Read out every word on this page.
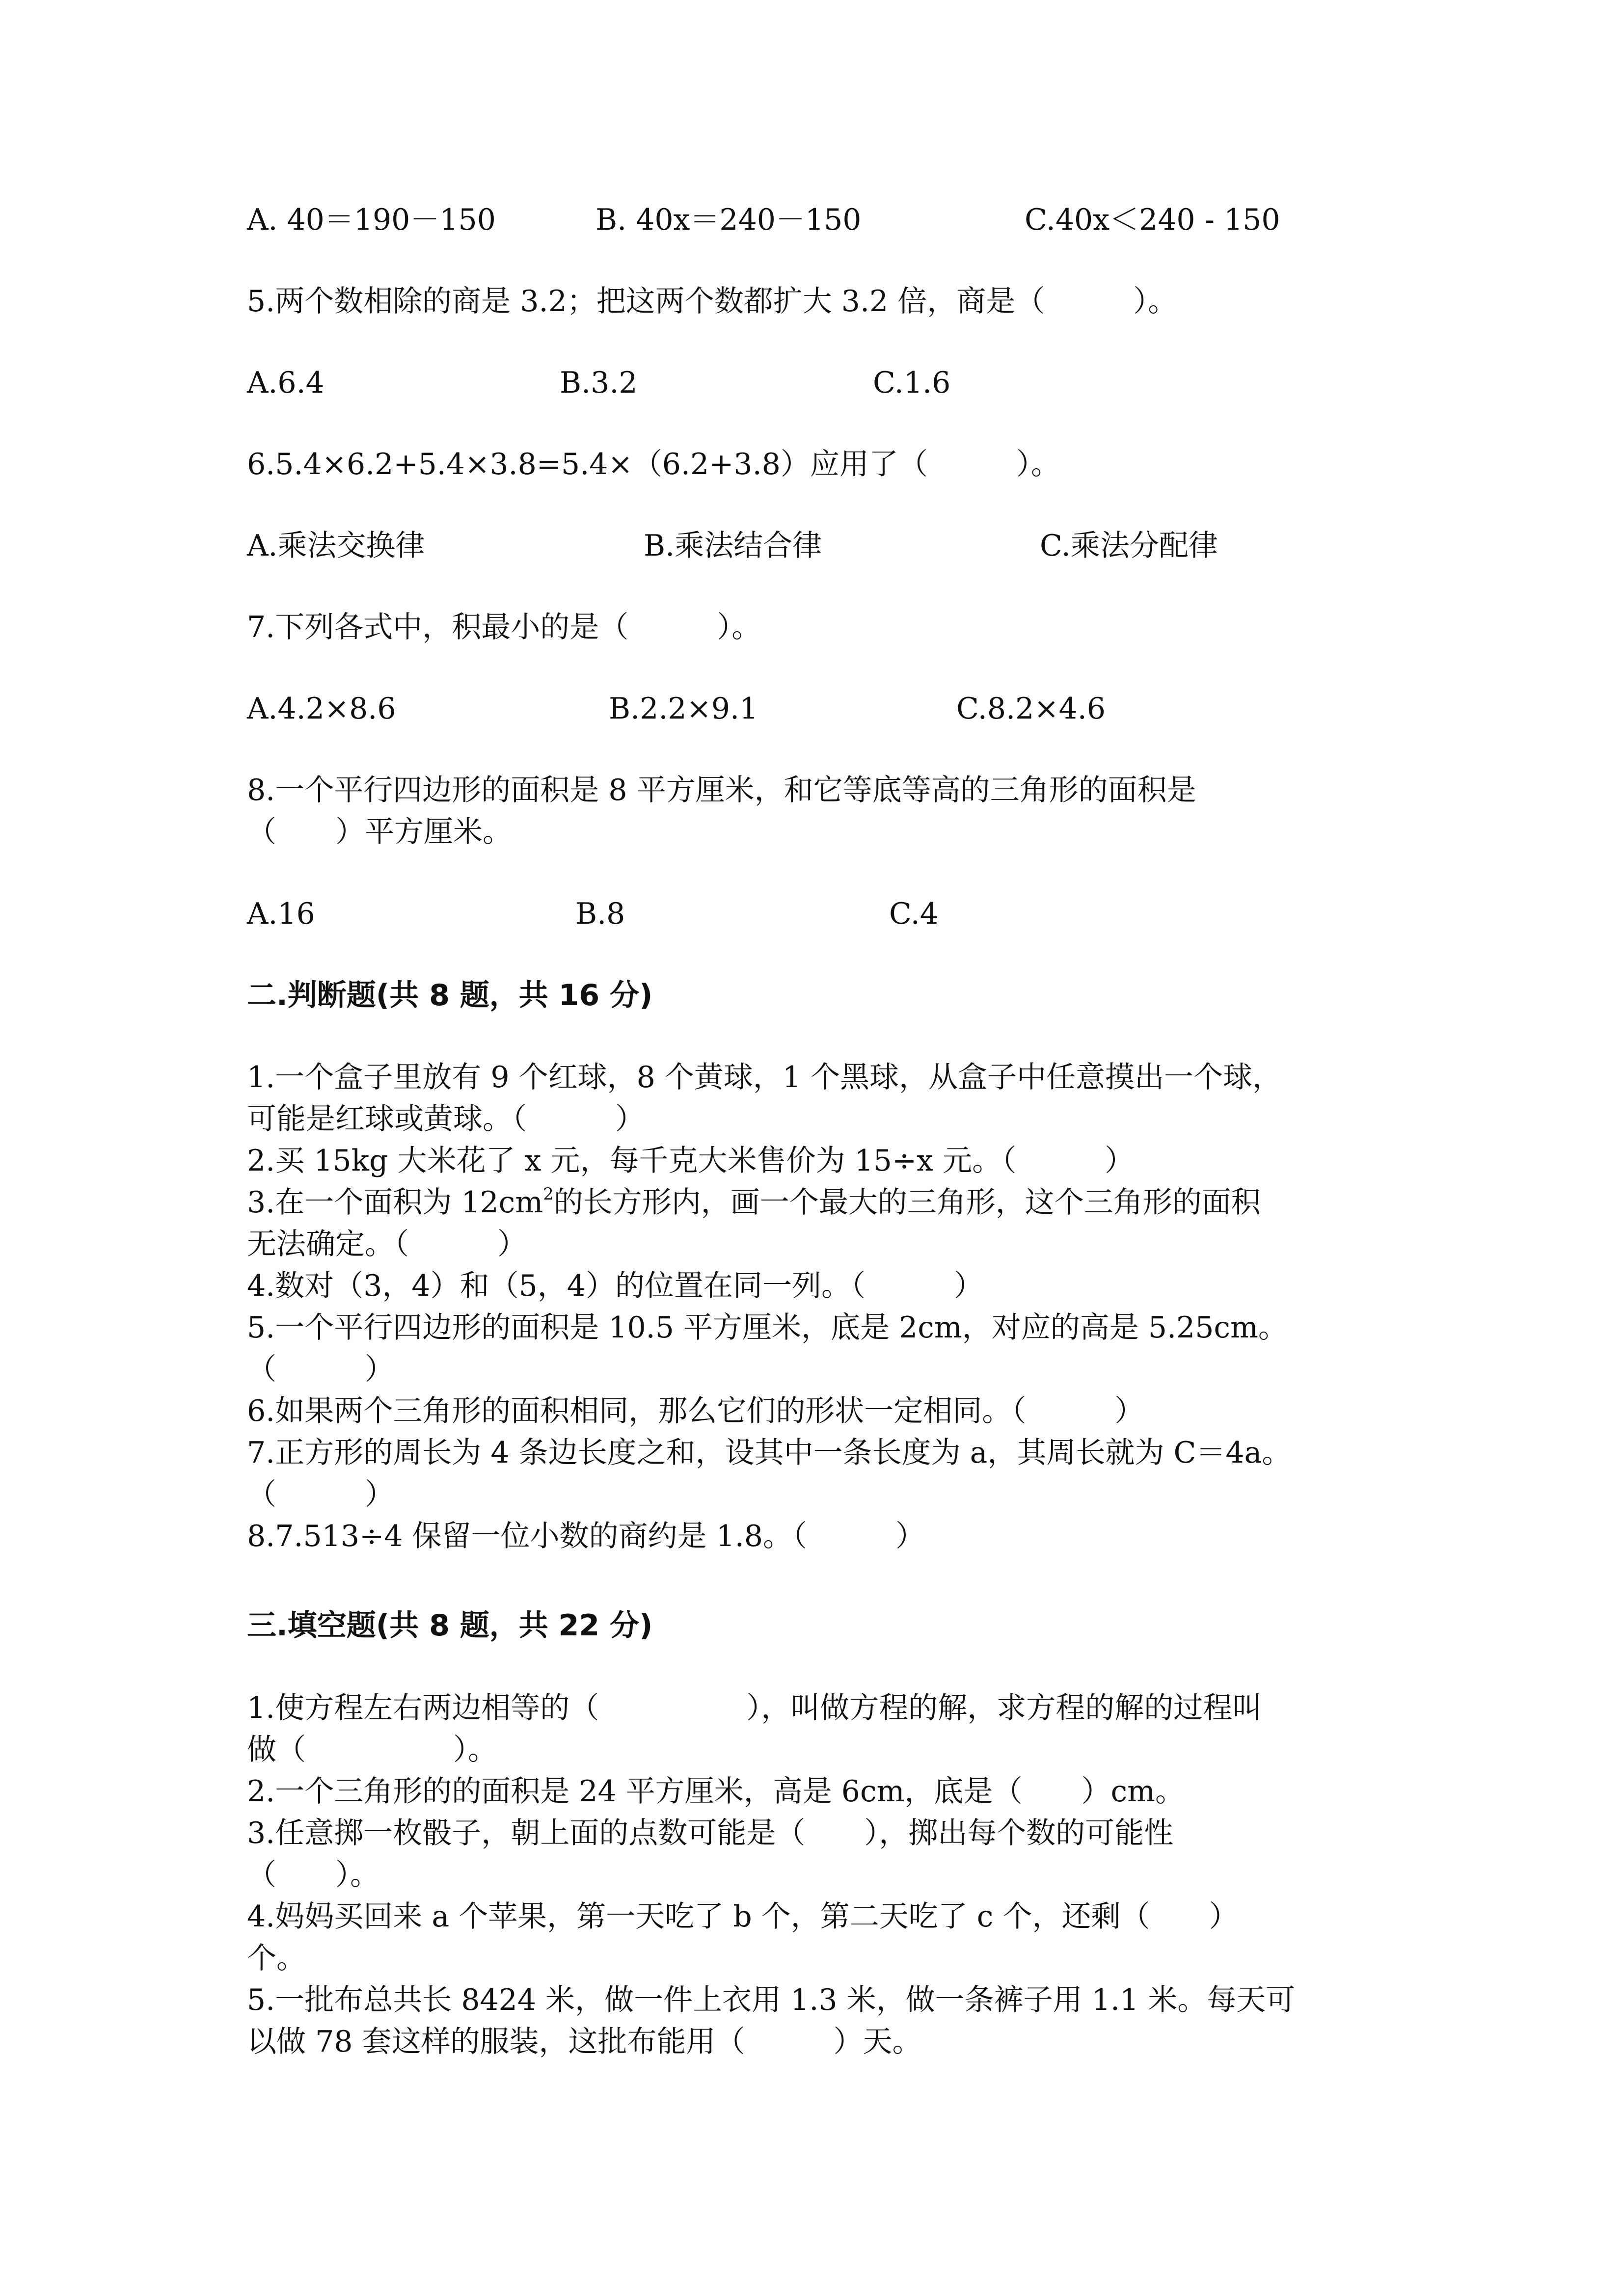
A. 40＝190－150	B. 40x＝240－150	C.40x＜240 - 150
5.两个数相除的商是 3.2；把这两个数都扩大 3.2 倍，商是（　　　）。
A.6.4	B.3.2	C.1.6
6.5.4×6.2+5.4×3.8=5.4×（6.2+3.8）应用了（　　　）。
A.乘法交换律	B.乘法结合律	C.乘法分配律
7.下列各式中，积最小的是（　　　）。
A.4.2×8.6	B.2.2×9.1	C.8.2×4.6
8.一个平行四边形的面积是 8 平方厘米，和它等底等高的三角形的面积是
（　　）平方厘米。
A.16	B.8	C.4
二.判断题(共 8 题，共 16 分)
1.一个盒子里放有 9 个红球，8 个黄球，1 个黑球，从盒子中任意摸出一个球，
可能是红球或黄球。（　　　）
2.买 15kg 大米花了 x 元，每千克大米售价为 15÷x 元。（　　　）
3.在一个面积为 $12cm^2$的长方形内，画一个最大的三角形，这个三角形的面积
无法确定。（　　　）
4.数对（3，4）和（5，4）的位置在同一列。（　　　）
5.一个平行四边形的面积是 10.5 平方厘米，底是 2cm，对应的高是 5.25cm。
（　　　）
6.如果两个三角形的面积相同，那么它们的形状一定相同。（　　　）
7.正方形的周长为 4 条边长度之和，设其中一条长度为 a，其周长就为 C＝4a。
（　　　）
8.7.513÷4 保留一位小数的商约是 1.8。（　　　）
三.填空题(共 8 题，共 22 分)
1.使方程左右两边相等的（　　　　　），叫做方程的解，求方程的解的过程叫
做（　　　　　）。
2.一个三角形的的面积是 24 平方厘米，高是 6cm，底是（　　）cm。
3.任意掷一枚骰子，朝上面的点数可能是（　　），掷出每个数的可能性
（　　）。
4.妈妈买回来 a 个苹果，第一天吃了 b 个，第二天吃了 c 个，还剩（　　）
个。
5.一批布总共长 8424 米，做一件上衣用 1.3 米，做一条裤子用 1.1 米。每天可
以做 78 套这样的服装，这批布能用（　　　）天。
